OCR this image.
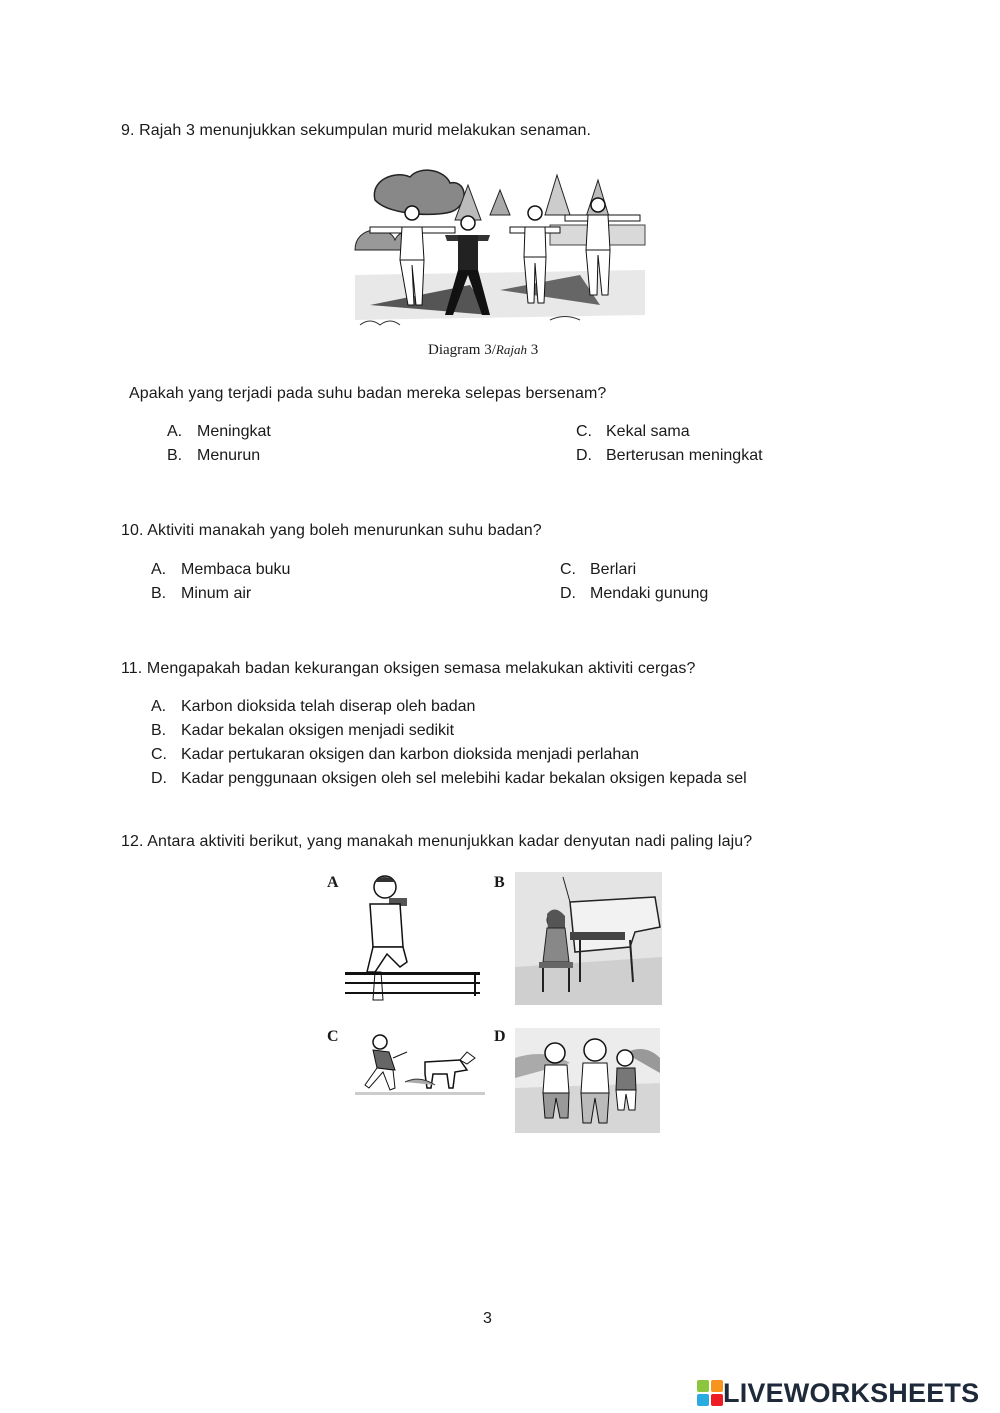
9. Rajah 3 menunjukkan sekumpulan murid melakukan senaman.
Diagram 3/Rajah 3
Apakah yang terjadi pada suhu badan mereka selepas bersenam?
A. Meningkat
B. Menurun
C. Kekal sama
D. Berterusan meningkat
10. Aktiviti manakah yang boleh menurunkan suhu badan?
A. Membaca buku
B. Minum air
C. Berlari
D. Mendaki gunung
11. Mengapakah badan kekurangan oksigen semasa melakukan aktiviti cergas?
A. Karbon dioksida telah diserap oleh badan
B. Kadar bekalan oksigen menjadi sedikit
C. Kadar pertukaran oksigen dan karbon dioksida menjadi perlahan
D. Kadar penggunaan oksigen oleh sel melebihi kadar bekalan oksigen kepada sel
12. Antara aktiviti berikut, yang manakah menunjukkan kadar denyutan nadi paling laju?
A	B
C	D
3
LIVEWORKSHEETS
